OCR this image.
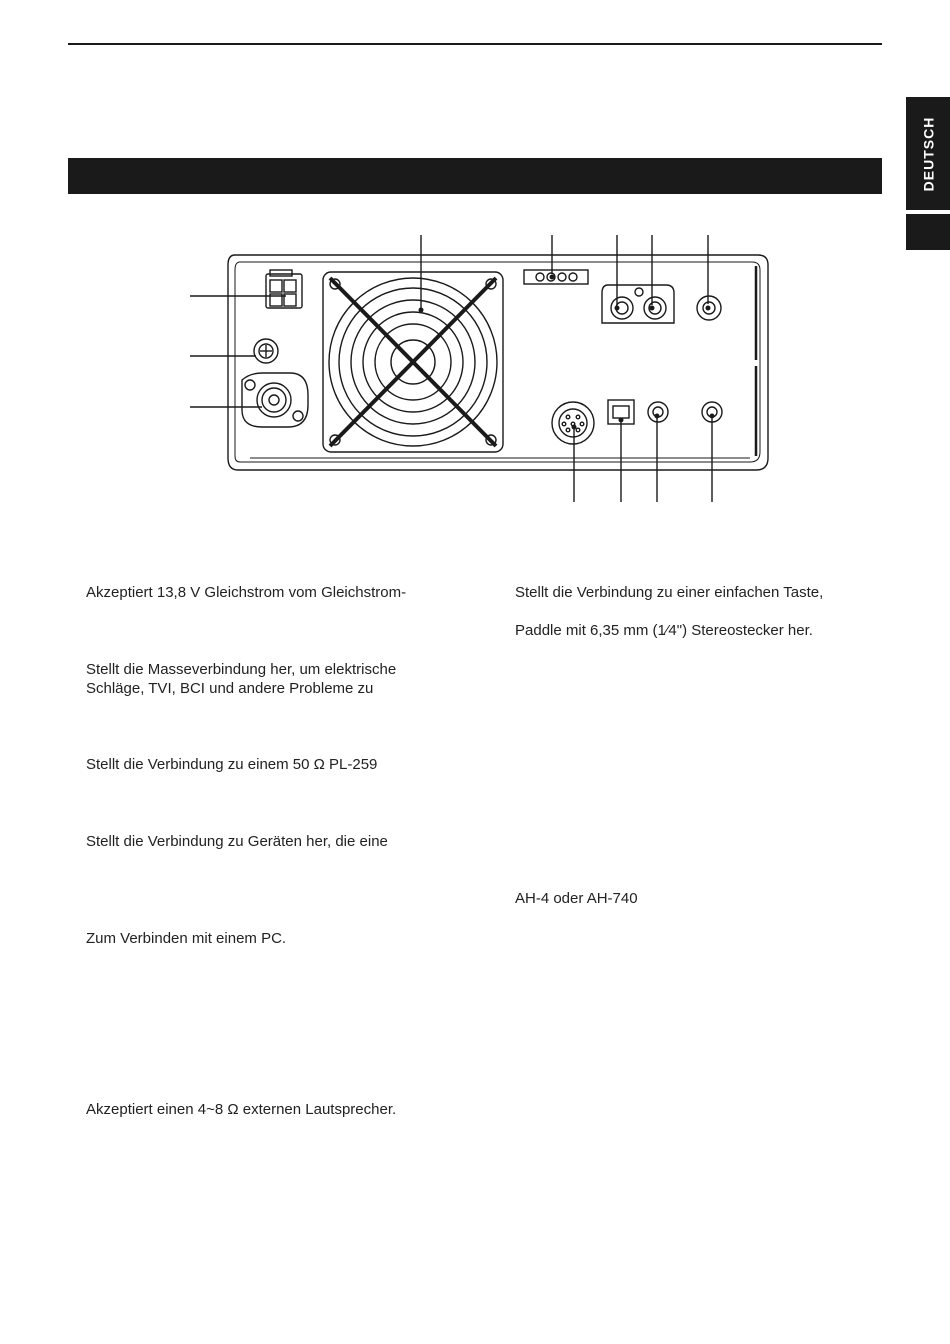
DEUTSCH

Akzeptiert 13,8 V Gleichstrom vom Gleichstrom-

Stellt die Masseverbindung her, um elektrische

Schläge, TVI, BCI und andere Probleme zu

Stellt die Verbindung zu einem 50 Ω PL-259

Stellt die Verbindung zu Geräten her, die eine

Zum Verbinden mit einem PC.

Akzeptiert einen 4~8 Ω externen Lautsprecher.

Stellt die Verbindung zu einer einfachen Taste,

Paddle mit 6,35 mm (1⁄4") Stereostecker her.

AH-4 oder AH-740
